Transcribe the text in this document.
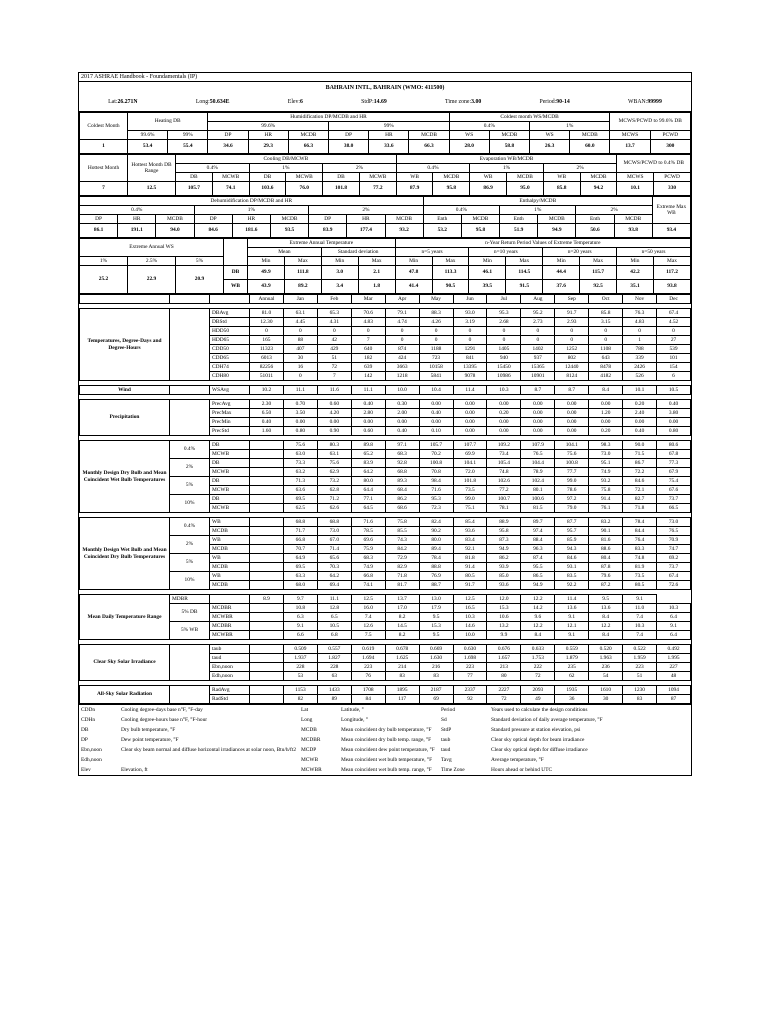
2017 ASHRAE Handbook - Foundamentals (IP)
BAHRAIN INTL, BAHRAIN (WMO: 411500)
Lat:26.271N	Long:50.634E	Elev:6	StdP:14.69	Time zone:3.00	Period:90-14	WBAN:99999
Coldest Month	Heating DB		Humidification DP/MCDB and HR						Coldest month WS/MCDB				MCWS/PCWD to 99.6% DB	
			99.6%			99%			0.4%		1%			
	99.6%	99%	DP	HR	MCDB	DP	HR	MCDB	WS	MCDB	WS	MCDB	MCWS	PCWD
1	53.4	55.4	34.6	29.3	66.3	38.0	33.6	66.3	28.0	58.8	26.3	60.0	13.7	300
Hottest Month	Hottest Month DB Range	Cooling DB/MCWB						Evaporation WB/MCDB						MCWS/PCWD to 0.4% DB	
		0.4%		1%		2%		0.4%		1%		2%			
		DB	MCWB	DB	MCWB	DB	MCWB	WB	MCDB	WB	MCDB	WB	MCDB	MCWS	PCWD
7	12.5	105.7	74.1	103.6	76.0	101.8	77.2	87.9	95.8	86.9	95.0	85.8	94.2	10.1	330
Dehumidification DP/MCDB and HR									Enthalpy/MCDB						Extreme Max WB
0.4%			1%			2%			0.4%		1%		2%		
DP	HR	MCDB	DP	HR	MCDB	DP	HR	MCDB	Enth	MCDB	Enth	MCDB	Enth	MCDB	
86.1	191.1	94.0	84.6	181.6	93.5	83.9	177.4	93.2	53.2	95.8	51.9	94.9	50.6	93.8	93.4
Extreme Annual WS				Extreme Annual Temperature				n-Year Return Period Values of Extreme Temperature							
				Mean		Standard deviation		n=5 years		n=10 years		n=20 years		n=50 years	
1%	2.5%	5%		Min	Max	Min	Max	Min	Max	Min	Max	Min	Max	Min	Max
25.2	22.9	20.9	DB	49.9	111.8	3.0	2.1	47.8	113.3	46.1	114.5	44.4	115.7	42.2	117.2
			WB	43.9	89.2	3.4	1.8	41.4	90.5	39.5	91.5	37.6	92.5	35.1	93.8
			Annual	Jan	Feb	Mar	Apr	May	Jun	Jul	Aug	Sep	Oct	Nov	Dec

Temperatures, Degree-Days and Degree-Hours		DBAvg	81.0	63.1	65.3	70.6	79.1	88.3	93.0	95.3	95.2	91.7	85.8	76.3	67.4
		DBStd	12.30	4.45	4.31	4.83	4.74	4.26	3.19	2.68	2.73	2.93	3.15	4.83	4.52
		HDD50	0	0	0	0	0	0	0	0	0	0	0	0	0
		HDD65	165	88	42	7	0	0	0	0	0	0	0	1	27
		CDD50	11323	407	429	640	874	1188	1291	1405	1402	1252	1108	788	539
		CDD65	6013	30	51	182	424	723	841	940	937	802	643	339	101
		CDH74	82256	16	72	639	3663	10158	13395	15450	15365	12440	8478	2426	154
		CDH80	51011	0	7	142	1218	5841	9078	10986	10901	8124	4182	526	6

Wind		WSAvg	10.2	11.1	11.6	11.1	10.0	10.4	11.4	10.3	8.7	8.7	8.4	10.1	10.5

Precipitation		PrecAvg	2.30	0.70	0.60	0.40	0.30	0.00	0.00	0.00	0.00	0.00	0.00	0.20	0.40
		PrecMax	6.50	3.50	4.20	2.80	2.00	0.40	0.00	0.20	0.00	0.00	1.20	2.40	3.80
		PrecMin	0.40	0.00	0.00	0.00	0.00	0.00	0.00	0.00	0.00	0.00	0.00	0.00	0.00
		PrecStd	1.60	0.80	0.90	0.60	0.40	0.10	0.00	0.00	0.00	0.00	0.20	0.40	0.80

Monthly Design Dry Bulb and Mean Coincident Wet Bulb Temperatures	0.4%	DB		75.6	80.3	89.8	97.1	105.7	107.7	109.2	107.9	104.1	98.3	90.0	80.6
		MCWB		63.0	63.1	65.2	68.3	70.2	69.9	73.4	76.5	75.6	73.0	71.5	67.8
	2%	DB		73.3	75.6	83.9	92.8	100.8	104.1	105.4	104.4	100.8	95.1	86.7	77.3
		MCWB		63.2	62.9	64.2	68.8	70.8	72.0	74.8	78.9	77.7	74.9	72.2	67.9
	5%	DB		71.3	73.2	80.0	89.3	98.4	101.8	102.6	102.4	99.0	93.2	84.6	75.4
		MCWB		63.6	62.8	64.4	68.4	71.6	73.5	77.2	80.1	78.6	75.8	72.1	67.6
	10%	DB		69.5	71.2	77.1	86.2	95.3	99.0	100.7	100.6	97.2	91.4	82.7	73.7
		MCWB		62.5	62.6	64.5	68.6	72.3	75.1	78.1	81.5	79.0	76.1	71.8	66.5

Monthly Design Wet Bulb and Mean Coincident Dry Bulb Temperatures	0.4%	WB		68.8	68.8	71.6	75.8	82.4	85.4	88.9	89.7	87.7	83.2	78.4	73.0
		MCDB		71.7	73.0	78.5	85.5	90.2	93.6	95.8	97.4	95.7	90.1	84.4	76.5
	2%	WB		66.8	67.0	69.6	74.3	80.0	83.4	87.3	88.4	85.9	81.6	76.4	70.9
		MCDB		70.7	71.4	75.9	84.2	89.4	92.1	94.9	96.3	94.3	88.6	83.3	74.7
	5%	WB		64.9	65.6	68.3	72.9	78.4	81.8	86.2	87.4	84.6	80.4	74.8	69.2
		MCDB		69.5	70.3	74.9	82.9	88.8	91.4	93.9	95.5	93.1	87.8	81.9	73.7
	10%	WB		63.3	64.2	66.8	71.8	76.9	80.5	85.0	86.5	83.5	79.6	73.5	67.4
		MCDB		68.0	69.4	74.1	81.7	88.7	91.7	93.6	94.9	92.2	87.2	80.5	72.6

Mean Daily Temperature Range	MDBR		8.9	9.7	11.1	12.5	13.7	13.0	12.5	12.0	12.2	11.4	9.5	9.1	
	5% DB	MCDBR		10.8	12.8	16.0	17.0	17.9	16.5	15.3	14.2	13.6	13.6	11.0	10.3
		MCWBR		6.3	6.5	7.4	8.2	9.5	10.3	10.6	9.6	9.1	8.4	7.4	6.4
	5% WB	MCDBR		9.1	10.5	12.6	14.5	15.3	14.6	13.2	12.2	12.1	12.2	10.3	9.1
		MCWBR		6.6	6.8	7.5	8.2	9.5	10.0	9.9	8.4	9.1	8.4	7.4	6.4

Clear Sky Solar Irradiance		taub		0.509	0.557	0.619	0.678	0.669	0.630	0.676	0.633	0.559	0.520	0.522	0.492
		taud		1.937	1.827	1.694	1.625	1.630	1.698	1.657	1.753	1.879	1.963	1.959	1.995
		Ebn,noon		228	228	223	214	216	223	213	222	235	236	223	227
		Edh,noon		53	63	76	83	83	77	80	72	62	54	51	48

All-Sky Solar Radiation		RadAvg		1153	1433	1708	1895	2187	2337	2227	2093	1935	1610	1230	1094
		RadStd		82	89	84	117	69	92	72	49	36	30	83	87
CDDn	Cooling degree-days base n°F, °F-day	Lat	Latitude, °	Period	Years used to calculate the design conditions
CDHn	Cooling degree-hours base n°F, °F-hour	Long	Longitude, °	Sd	Standard deviation of daily average temperature, °F
DB	Dry bulb temperature, °F	MCDB	Mean coincident dry bulb temperature, °F	StdP	Standard pressure at station elevation, psi
DP	Dew point temperature, °F	MCDBR	Mean coincident dry bulb temp. range, °F	taub	Clear sky optical depth for beam irradiance
Ebn,noon	Clear sky beam normal and diffuse horizontal irradiances at solar noon, Btu/h/ft2	MCDP	Mean coincident dew point temperature, °F	taud	Clear sky optical depth for diffuse irradiance
Edh,noon		MCWB	Mean coincident wet bulb temperature, °F	Tavg	Average temperature, °F
Elev	Elevation, ft	MCWBR	Mean coincident wet bulb temp. range, °F	Time Zone	Hours ahead or behind UTC
